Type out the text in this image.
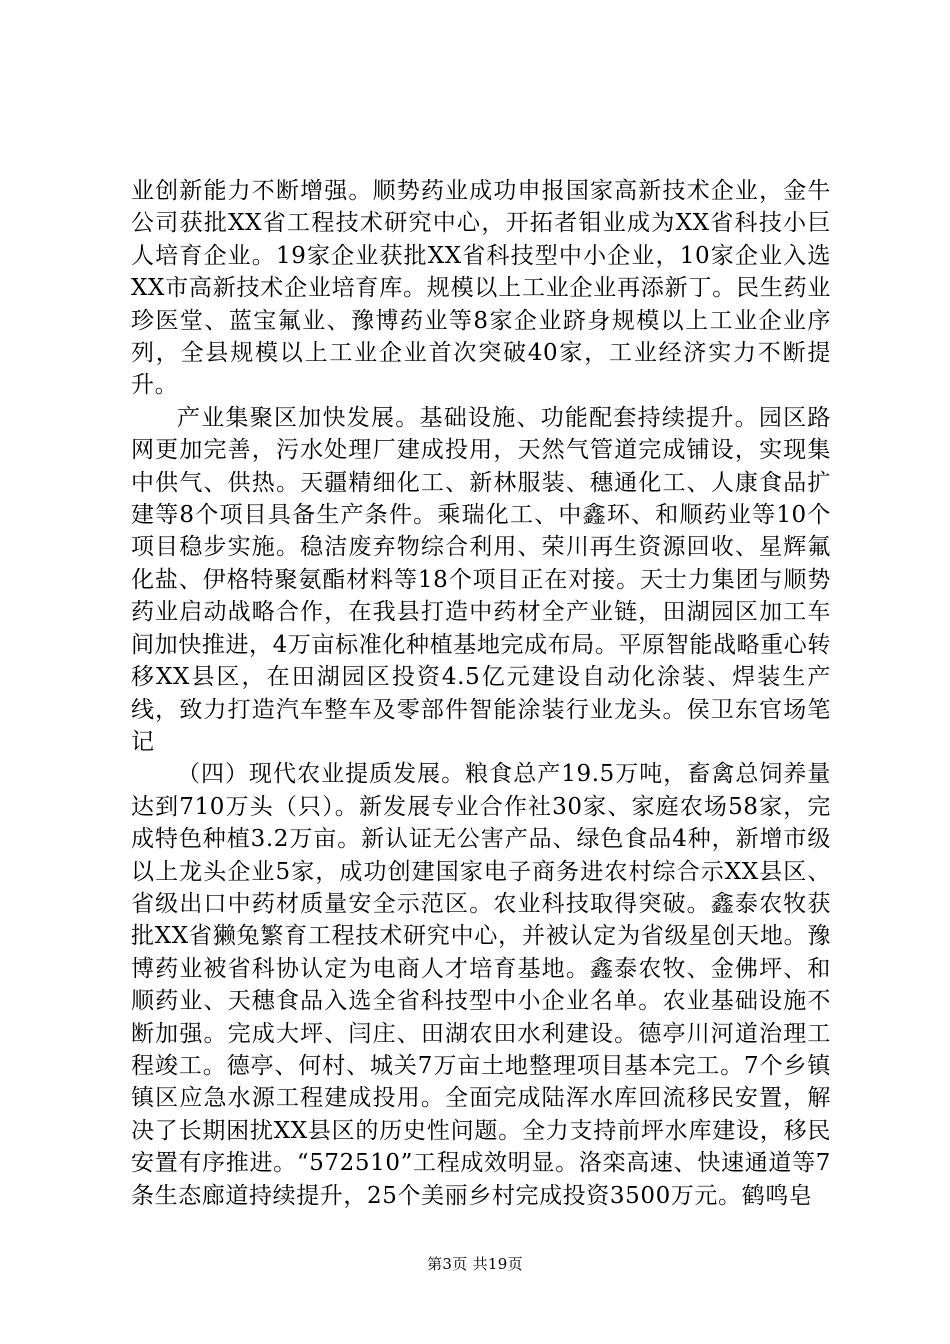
业创新能力不断增强。顺势药业成功申报国家高新技术企业，金牛公司获批XX省工程技术研究中心，开拓者钼业成为XX省科技小巨人培育企业。19家企业获批XX省科技型中小企业，10家企业入选XX市高新技术企业培育库。规模以上工业企业再添新丁。民生药业珍医堂、蓝宝氟业、豫博药业等8家企业跻身规模以上工业企业序列，全县规模以上工业企业首次突破40家，工业经济实力不断提升。

产业集聚区加快发展。基础设施、功能配套持续提升。园区路网更加完善，污水处理厂建成投用，天然气管道完成铺设，实现集中供气、供热。天疆精细化工、新林服装、穗通化工、人康食品扩建等8个项目具备生产条件。乘瑞化工、中鑫环、和顺药业等10个项目稳步实施。稳洁废弃物综合利用、荣川再生资源回收、星辉氟化盐、伊格特聚氨酯材料等18个项目正在对接。天士力集团与顺势药业启动战略合作，在我县打造中药材全产业链，田湖园区加工车间加快推进，4万亩标准化种植基地完成布局。平原智能战略重心转移XX县区，在田湖园区投资4.5亿元建设自动化涂装、焊装生产线，致力打造汽车整车及零部件智能涂装行业龙头。侯卫东官场笔记

（四）现代农业提质发展。粮食总产19.5万吨，畜禽总饲养量达到710万头（只）。新发展专业合作社30家、家庭农场58家，完成特色种植3.2万亩。新认证无公害产品、绿色食品4种，新增市级以上龙头企业5家，成功创建国家电子商务进农村综合示XX县区、省级出口中药材质量安全示范区。农业科技取得突破。鑫泰农牧获批XX省獭兔繁育工程技术研究中心，并被认定为省级星创天地。豫博药业被省科协认定为电商人才培育基地。鑫泰农牧、金佛坪、和顺药业、天穗食品入选全省科技型中小企业名单。农业基础设施不断加强。完成大坪、闫庄、田湖农田水利建设。德亭川河道治理工程竣工。德亭、何村、城关7万亩土地整理项目基本完工。7个乡镇镇区应急水源工程建成投用。全面完成陆浑水库回流移民安置，解决了长期困扰XX县区的历史性问题。全力支持前坪水库建设，移民安置有序推进。“572510”工程成效明显。洛栾高速、快速通道等7条生态廊道持续提升，25个美丽乡村完成投资3500万元。鹤鸣皂

第3页 共19页
